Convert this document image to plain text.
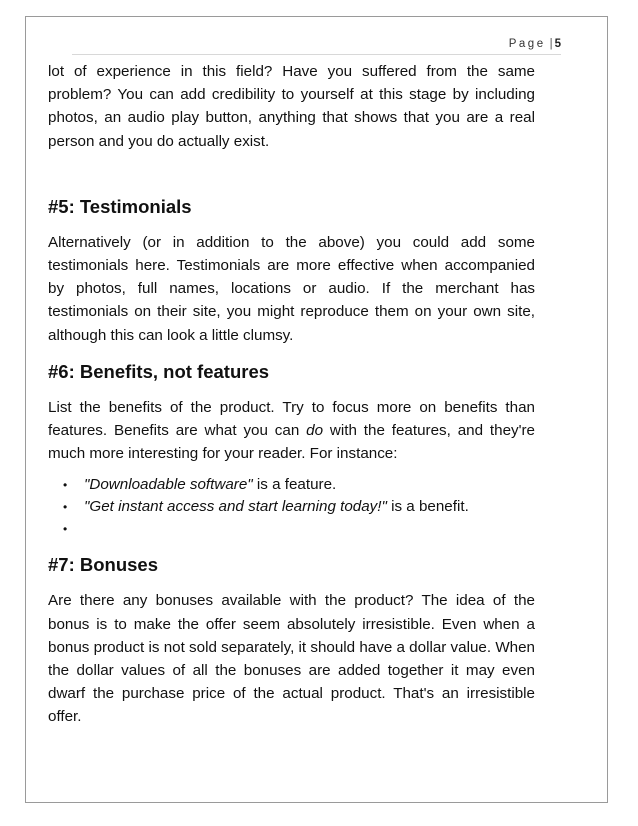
Page | 5

lot of experience in this field? Have you suffered from the same problem? You can add credibility to yourself at this stage by including photos, an audio play button, anything that shows that you are a real person and you do actually exist.

#5: Testimonials

Alternatively (or in addition to the above) you could add some testimonials here. Testimonials are more effective when accompanied by photos, full names, locations or audio. If the merchant has testimonials on their site, you might reproduce them on your own site, although this can look a little clumsy.

#6: Benefits, not features

List the benefits of the product. Try to focus more on benefits than features. Benefits are what you can do with the features, and they're much more interesting for your reader. For instance:

• "Downloadable software" is a feature.
• "Get instant access and start learning today!" is a benefit.
•

#7: Bonuses

Are there any bonuses available with the product? The idea of the bonus is to make the offer seem absolutely irresistible. Even when a bonus product is not sold separately, it should have a dollar value. When the dollar values of all the bonuses are added together it may even dwarf the purchase price of the actual product. That's an irresistible offer.
